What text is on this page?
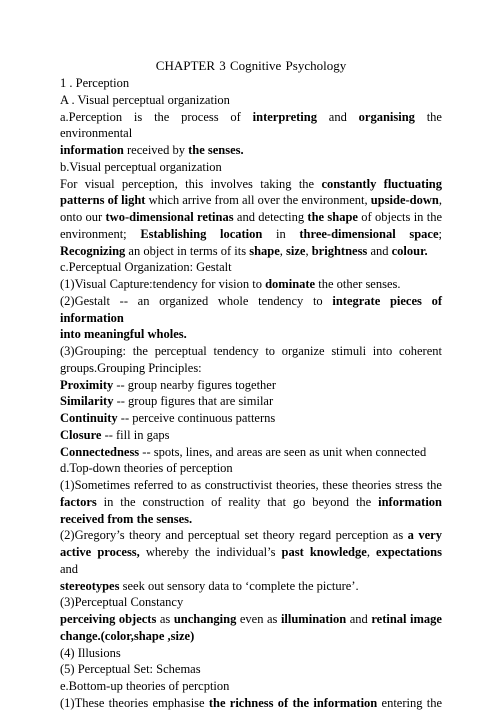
CHAPTER 3 Cognitive Psychology

1 . Perception

A . Visual perceptual organization

a.Perception is the process of interpreting and organising the environmental

information received by the senses.

b.Visual perceptual organization

For visual perception, this involves taking the constantly fluctuating

patterns of light which arrive from all over the environment, upside-down,

onto our two-dimensional retinas and detecting the shape of objects in the

environment; Establishing location in three-dimensional space;

Recognizing an object in terms of its shape, size, brightness and colour.

c.Perceptual Organization: Gestalt

(1)Visual Capture:tendency for vision to dominate the other senses.

(2)Gestalt -- an organized whole tendency to integrate pieces of information

into meaningful wholes.

(3)Grouping: the perceptual tendency to organize stimuli into coherent

groups.Grouping Principles:

Proximity -- group nearby figures together

Similarity -- group figures that are similar

Continuity -- perceive continuous patterns

Closure -- fill in gaps

Connectedness -- spots, lines, and areas are seen as unit when connected

d.Top-down theories of perception

(1)Sometimes referred to as constructivist theories, these theories stress the

factors in the construction of reality that go beyond the information

received from the senses.

(2)Gregory’s theory and perceptual set theory regard perception as a very

active process, whereby the individual’s past knowledge, expectations and

stereotypes seek out sensory data to ‘complete the picture’.

(3)Perceptual Constancy

perceiving objects as unchanging even as illumination and retinal image

change.(color,shape ,size)

(4) Illusions

(5) Perceptual Set: Schemas

e.Bottom-up theories of percption

(1)These theories emphasise the richness of the information entering the
